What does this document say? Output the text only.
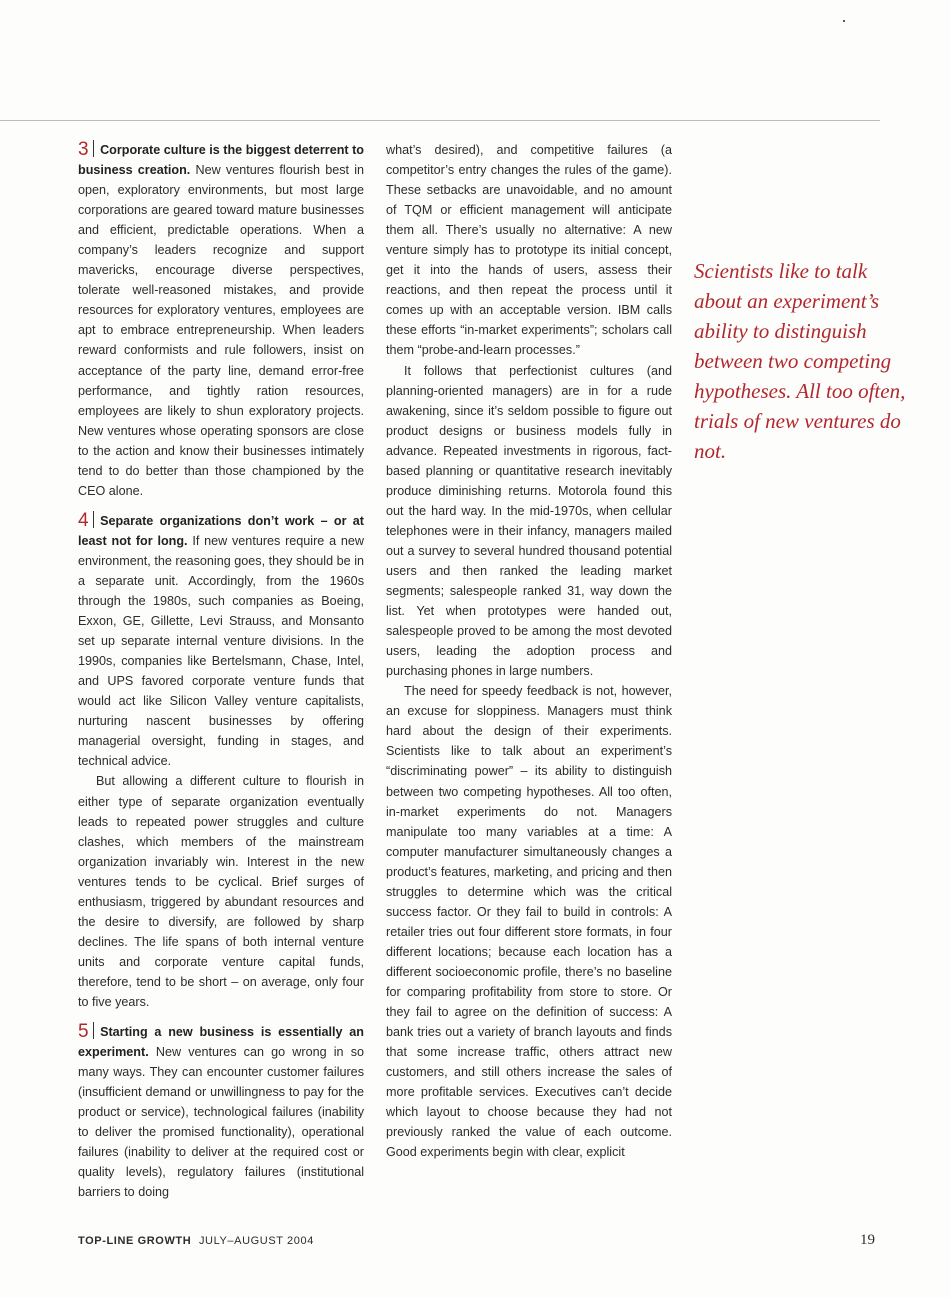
3 Corporate culture is the biggest deterrent to business creation. New ventures flourish best in open, exploratory environments, but most large corporations are geared toward mature businesses and efficient, predictable operations. When a company’s leaders recognize and support mavericks, encourage diverse perspectives, tolerate well-reasoned mistakes, and provide resources for exploratory ventures, employees are apt to embrace entrepreneurship. When leaders reward conformists and rule followers, insist on acceptance of the party line, demand error-free performance, and tightly ration resources, employees are likely to shun exploratory projects. New ventures whose operating sponsors are close to the action and know their businesses intimately tend to do better than those championed by the CEO alone.

4 Separate organizations don’t work – or at least not for long. If new ventures require a new environment, the reasoning goes, they should be in a separate unit. Accordingly, from the 1960s through the 1980s, such companies as Boeing, Exxon, GE, Gillette, Levi Strauss, and Monsanto set up separate internal venture divisions. In the 1990s, companies like Bertelsmann, Chase, Intel, and UPS favored corporate venture funds that would act like Silicon Valley venture capitalists, nurturing nascent businesses by offering managerial oversight, funding in stages, and technical advice.

But allowing a different culture to flourish in either type of separate organization eventually leads to repeated power struggles and culture clashes, which members of the mainstream organization invariably win. Interest in the new ventures tends to be cyclical. Brief surges of enthusiasm, triggered by abundant resources and the desire to diversify, are followed by sharp declines. The life spans of both internal venture units and corporate venture capital funds, therefore, tend to be short – on average, only four to five years.

5 Starting a new business is essentially an experiment. New ventures can go wrong in so many ways. They can encounter customer failures (insufficient demand or unwillingness to pay for the product or service), technological failures (inability to deliver the promised functionality), operational failures (inability to deliver at the required cost or quality levels), regulatory failures (institutional barriers to doing

what’s desired), and competitive failures (a competitor’s entry changes the rules of the game). These setbacks are unavoidable, and no amount of TQM or efficient management will anticipate them all. There’s usually no alternative: A new venture simply has to prototype its initial concept, get it into the hands of users, assess their reactions, and then repeat the process until it comes up with an acceptable version. IBM calls these efforts “in-market experiments”; scholars call them “probe-and-learn processes.”

It follows that perfectionist cultures (and planning-oriented managers) are in for a rude awakening, since it’s seldom possible to figure out product designs or business models fully in advance. Repeated investments in rigorous, fact-based planning or quantitative research inevitably produce diminishing returns. Motorola found this out the hard way. In the mid-1970s, when cellular telephones were in their infancy, managers mailed out a survey to several hundred thousand potential users and then ranked the leading market segments; salespeople ranked 31, way down the list. Yet when prototypes were handed out, salespeople proved to be among the most devoted users, leading the adoption process and purchasing phones in large numbers.

The need for speedy feedback is not, however, an excuse for sloppiness. Managers must think hard about the design of their experiments. Scientists like to talk about an experiment’s “discriminating power” – its ability to distinguish between two competing hypotheses. All too often, in-market experiments do not. Managers manipulate too many variables at a time: A computer manufacturer simultaneously changes a product’s features, marketing, and pricing and then struggles to determine which was the critical success factor. Or they fail to build in controls: A retailer tries out four different store formats, in four different locations; because each location has a different socioeconomic profile, there’s no baseline for comparing profitability from store to store. Or they fail to agree on the definition of success: A bank tries out a variety of branch layouts and finds that some increase traffic, others attract new customers, and still others increase the sales of more profitable services. Executives can’t decide which layout to choose because they had not previously ranked the value of each outcome. Good experiments begin with clear, explicit

Scientists like to talk about an experiment’s ability to distinguish between two competing hypotheses. All too often, trials of new ventures do not.
TOP-LINE GROWTH JULY–AUGUST 2004	19
